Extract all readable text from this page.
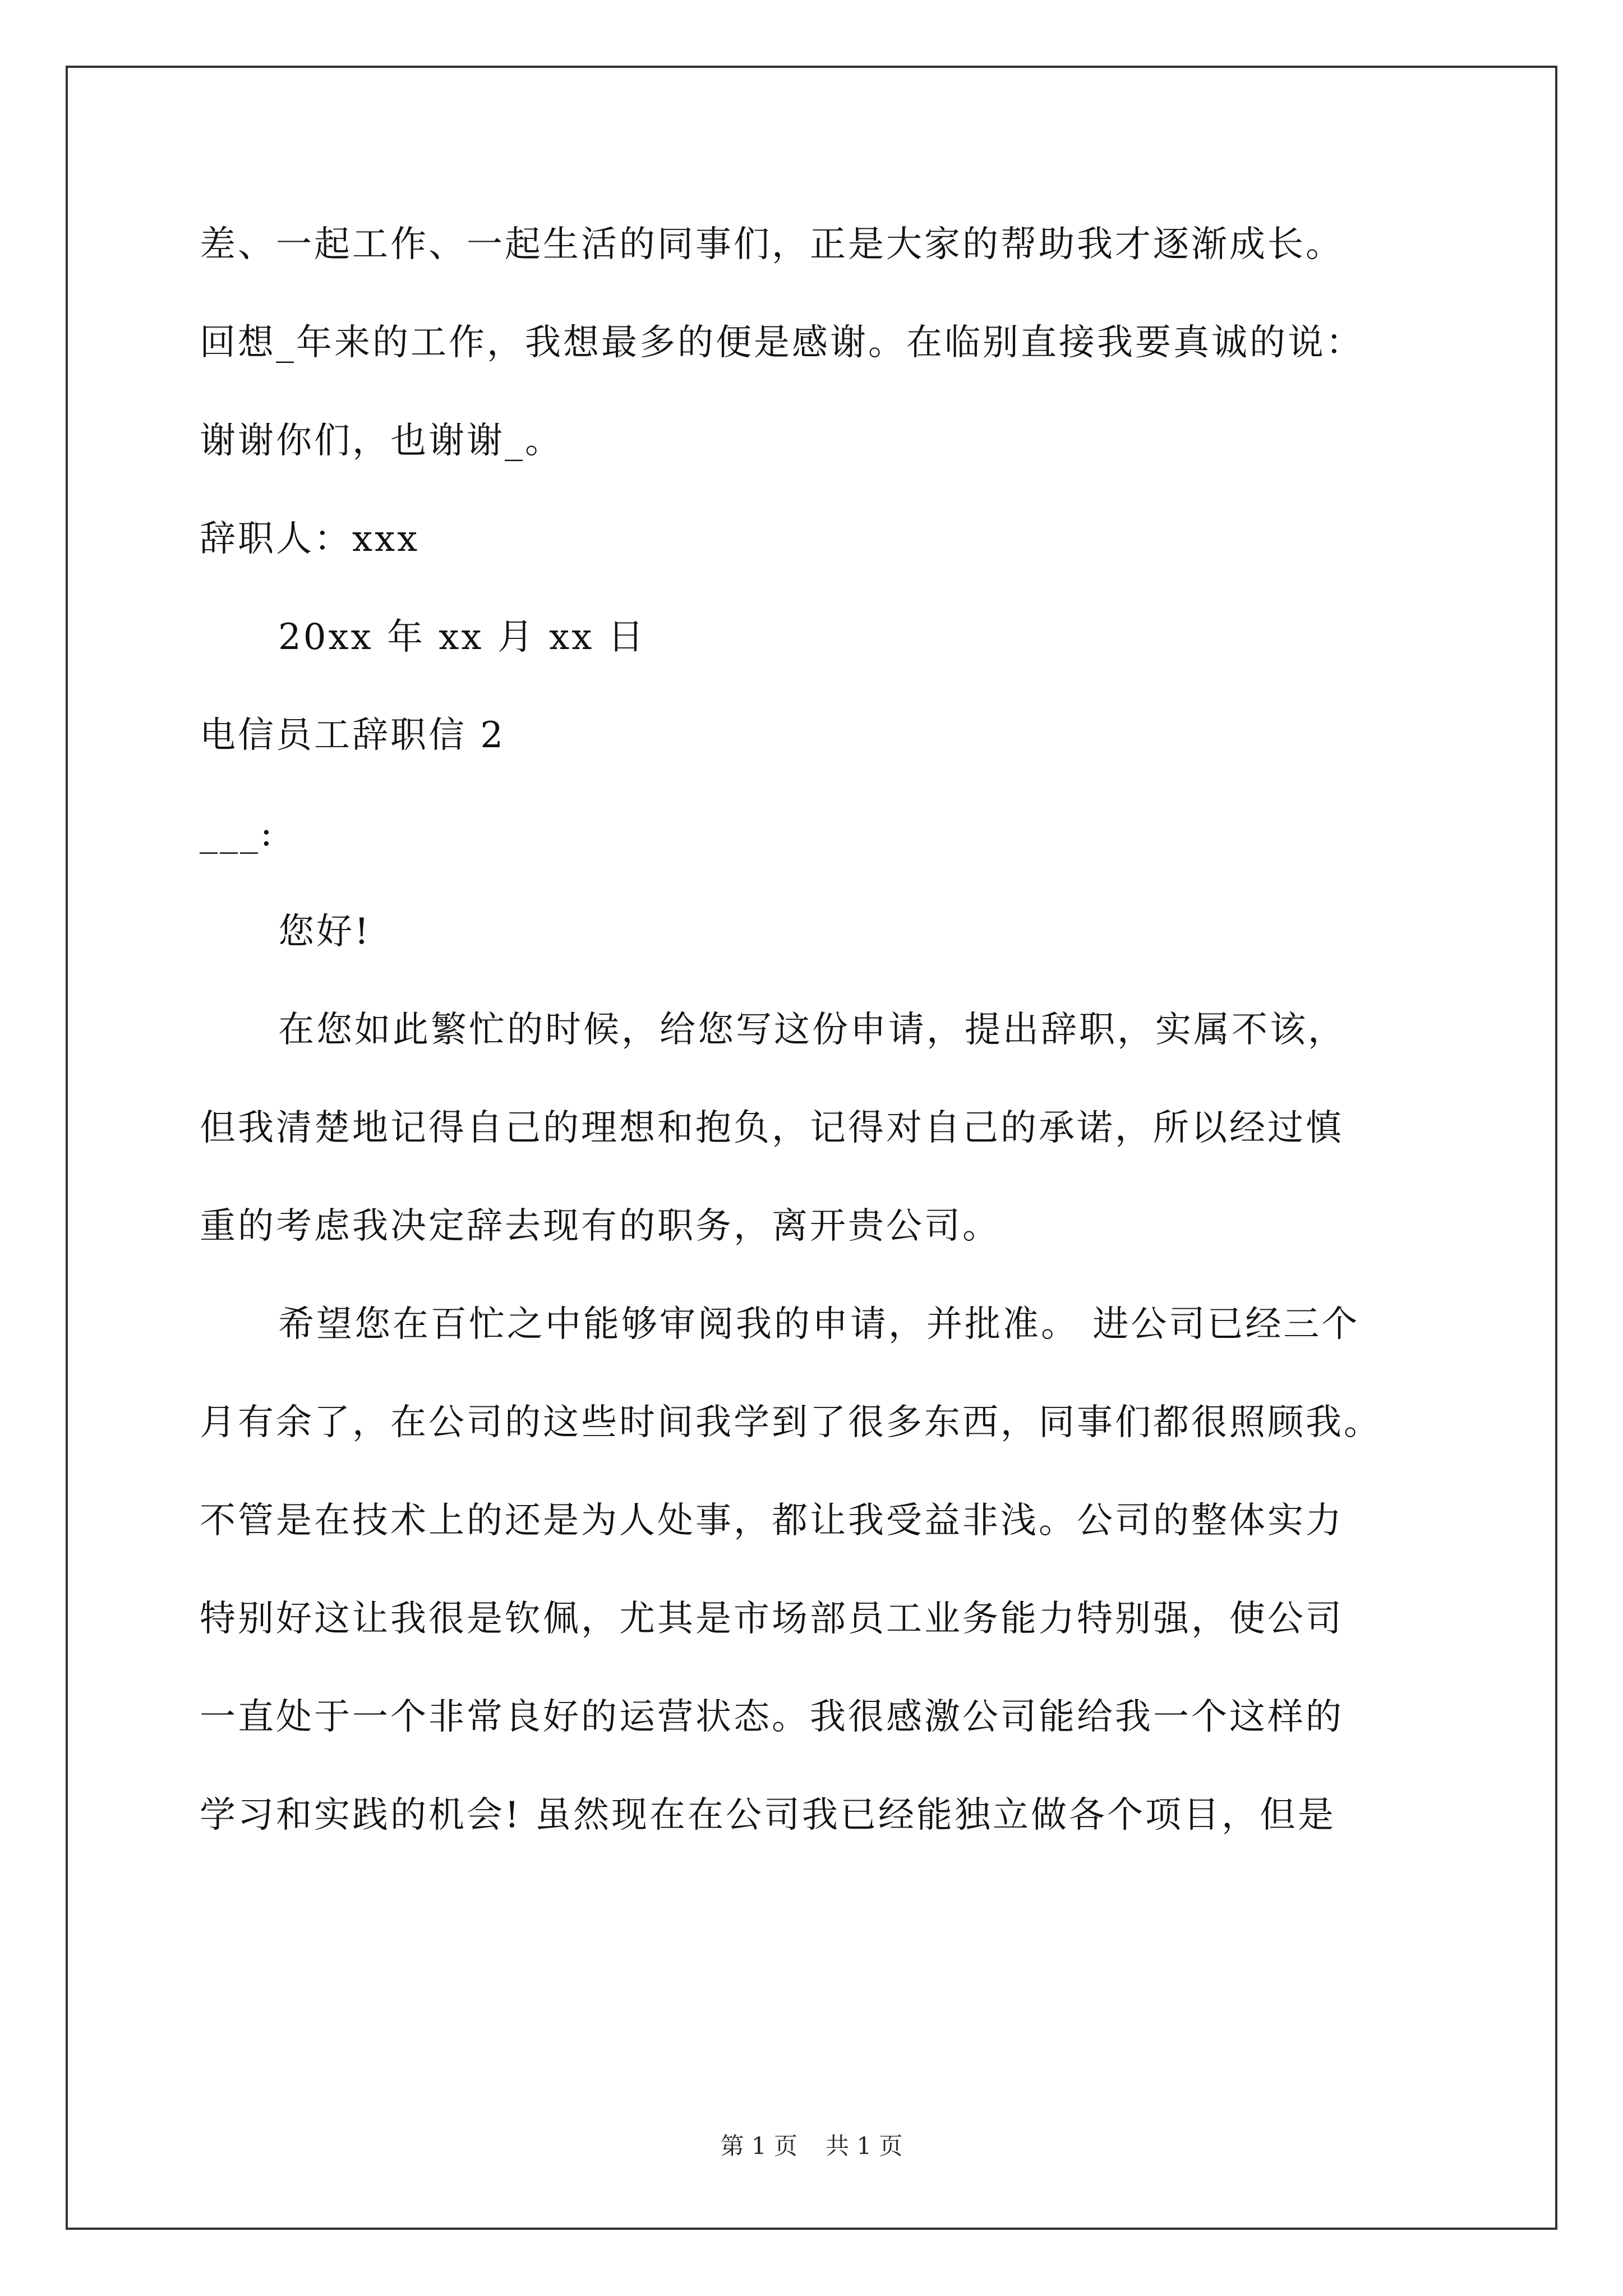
差、一起工作、一起生活的同事们，正是大家的帮助我才逐渐成长。
回想_年来的工作，我想最多的便是感谢。在临别直接我要真诚的说：
谢谢你们，也谢谢_。
辞职人：xxx
20xx 年 xx 月 xx 日
电信员工辞职信 2
___:
您好!
在您如此繁忙的时候，给您写这份申请，提出辞职，实属不该，
但我清楚地记得自己的理想和抱负，记得对自己的承诺，所以经过慎
重的考虑我决定辞去现有的职务，离开贵公司。
希望您在百忙之中能够审阅我的申请，并批准。 进公司已经三个
月有余了，在公司的这些时间我学到了很多东西，同事们都很照顾我。
不管是在技术上的还是为人处事，都让我受益非浅。公司的整体实力
特别好这让我很是钦佩，尤其是市场部员工业务能力特别强，使公司
一直处于一个非常良好的运营状态。我很感激公司能给我一个这样的
学习和实践的机会! 虽然现在在公司我已经能独立做各个项目，但是
第 1 页 共 1 页
